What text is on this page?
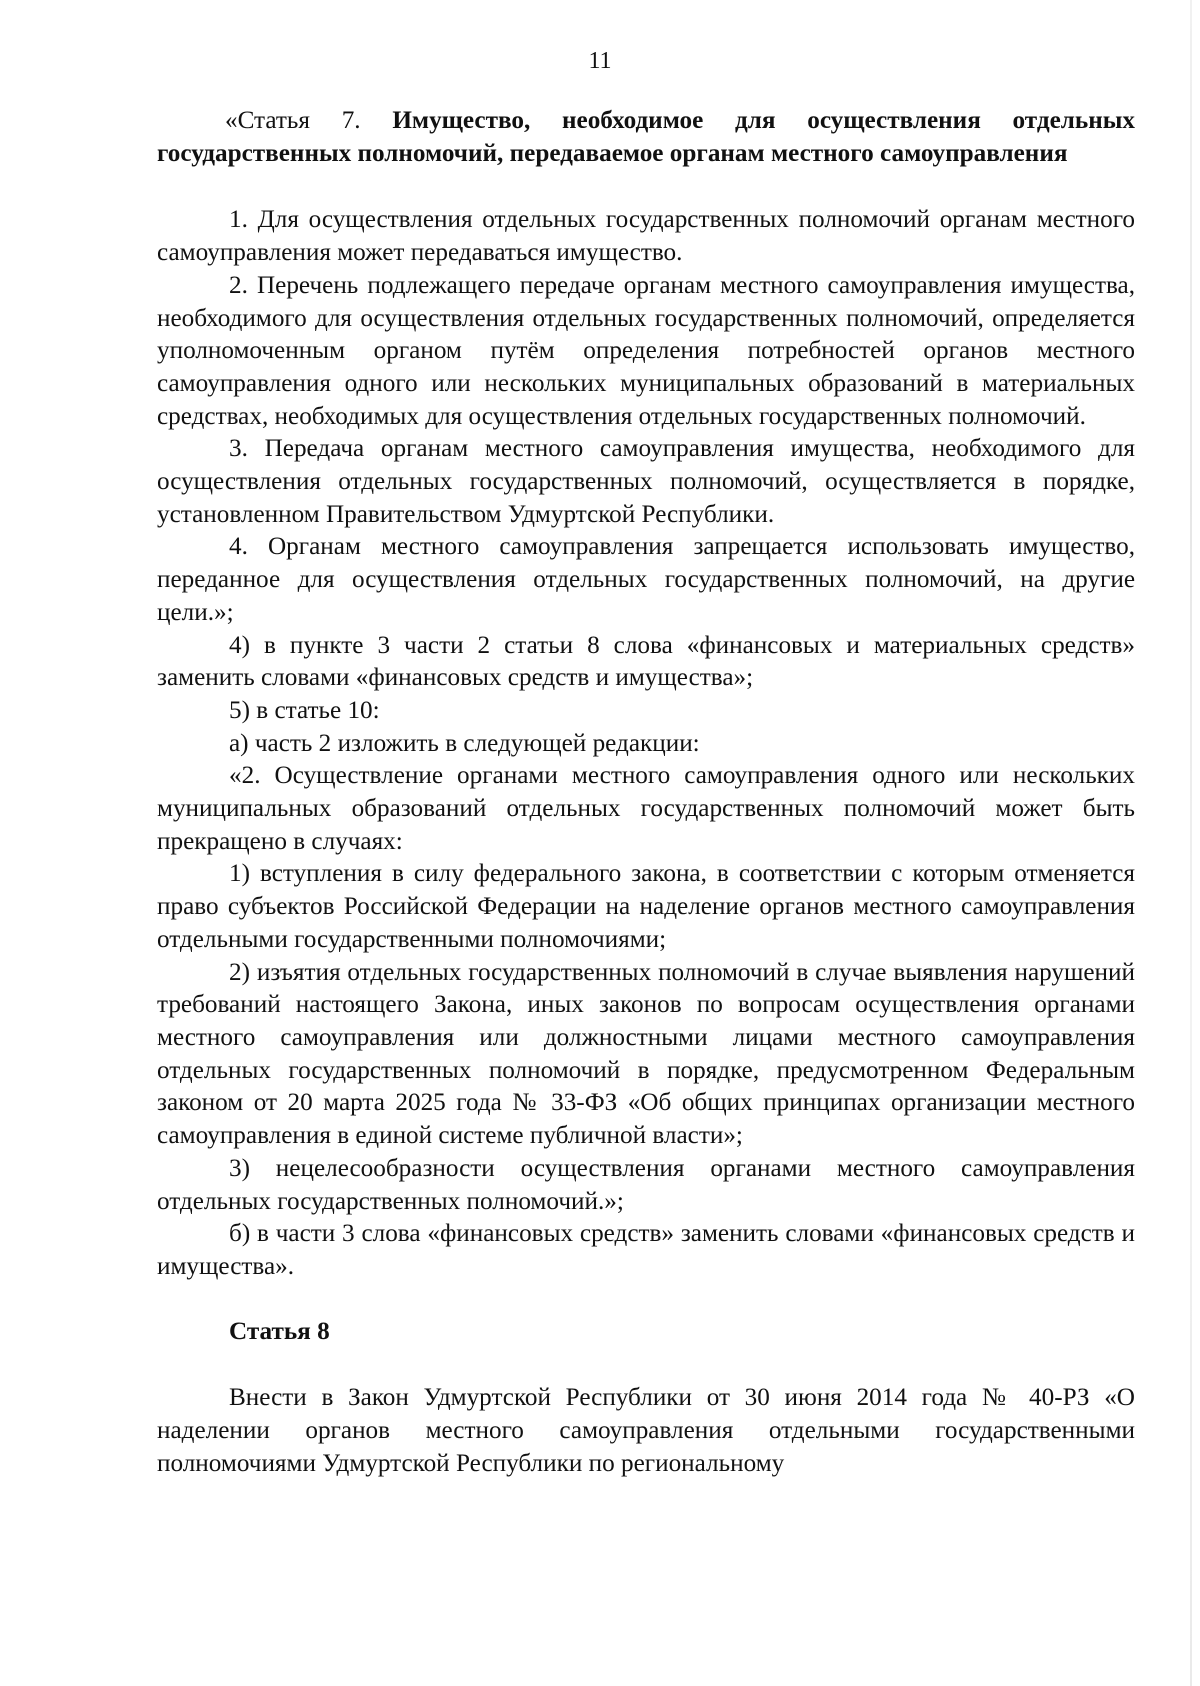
11
«Статья 7. Имущество, необходимое для осуществления отдельных государственных полномочий, передаваемое органам местного самоуправления

1. Для осуществления отдельных государственных полномочий органам местного самоуправления может передаваться имущество.

2. Перечень подлежащего передаче органам местного самоуправления имущества, необходимого для осуществления отдельных государственных полномочий, определяется уполномоченным органом путём определения потребностей органов местного самоуправления одного или нескольких муниципальных образований в материальных средствах, необходимых для осуществления отдельных государственных полномочий.

3. Передача органам местного самоуправления имущества, необходимого для осуществления отдельных государственных полномочий, осуществляется в порядке, установленном Правительством Удмуртской Республики.

4. Органам местного самоуправления запрещается использовать имущество, переданное для осуществления отдельных государственных полномочий, на другие цели.»;

4) в пункте 3 части 2 статьи 8 слова «финансовых и материальных средств» заменить словами «финансовых средств и имущества»;

5) в статье 10:

а) часть 2 изложить в следующей редакции:

«2. Осуществление органами местного самоуправления одного или нескольких муниципальных образований отдельных государственных полномочий может быть прекращено в случаях:

1) вступления в силу федерального закона, в соответствии с которым отменяется право субъектов Российской Федерации на наделение органов местного самоуправления отдельными государственными полномочиями;

2) изъятия отдельных государственных полномочий в случае выявления нарушений требований настоящего Закона, иных законов по вопросам осуществления органами местного самоуправления или должностными лицами местного самоуправления отдельных государственных полномочий в порядке, предусмотренном Федеральным законом от 20 марта 2025 года № 33-ФЗ «Об общих принципах организации местного самоуправления в единой системе публичной власти»;

3) нецелесообразности осуществления органами местного самоуправления отдельных государственных полномочий.»;

б) в части 3 слова «финансовых средств» заменить словами «финансовых средств и имущества».

Статья 8

Внести в Закон Удмуртской Республики от 30 июня 2014 года № 40-РЗ «О наделении органов местного самоуправления отдельными государственными полномочиями Удмуртской Республики по региональному
